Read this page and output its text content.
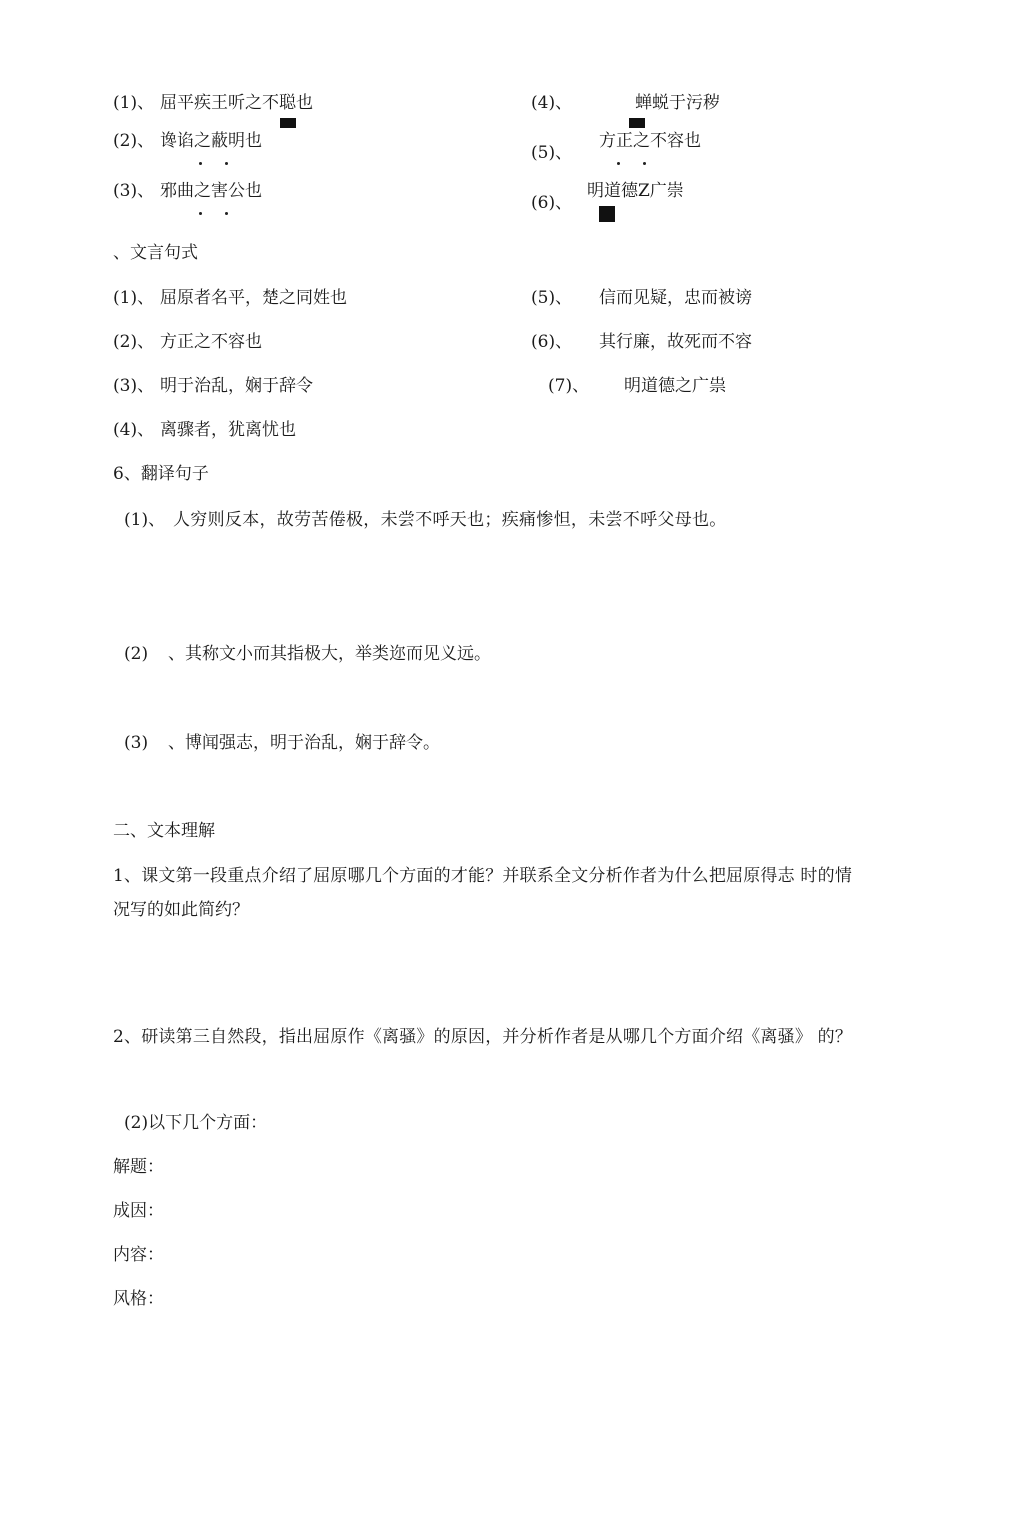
(1)、 屈平疾王听之不聪也
(2)、 谗谄之蔽明也
(3)、 邪曲之害公也
(4)、	蝉蜕于污秽
(5)、
方正之不容也
(6)、
明道德Z广崇
、文言句式
(1)、 屈原者名平，楚之同姓也
(2)、 方正之不容也
(3)、 明于治乱，娴于辞令
(4)、 离骤者，犹离忧也
(5)、 信而见疑，忠而被谤
(6)、 其行廉，故死而不容
(7)、 明道德之广祟
6、翻译句子
(1)、 人穷则反本，故劳苦倦极，未尝不呼天也；疾痛惨怛，未尝不呼父母也。
(2) 、其称文小而其指极大，举类迩而见义远。
(3) 、博闻强志，明于治乱，娴于辞令。
二、文本理解
1、课文第一段重点介绍了屈原哪几个方面的才能？并联系全文分析作者为什么把屈原得志 时的情
况写的如此简约？
2、研读第三自然段，指出屈原作《离骚》的原因，并分析作者是从哪几个方面介绍《离骚》 的？
(2)以下几个方面：
解题：
成因：
内容：
风格：
